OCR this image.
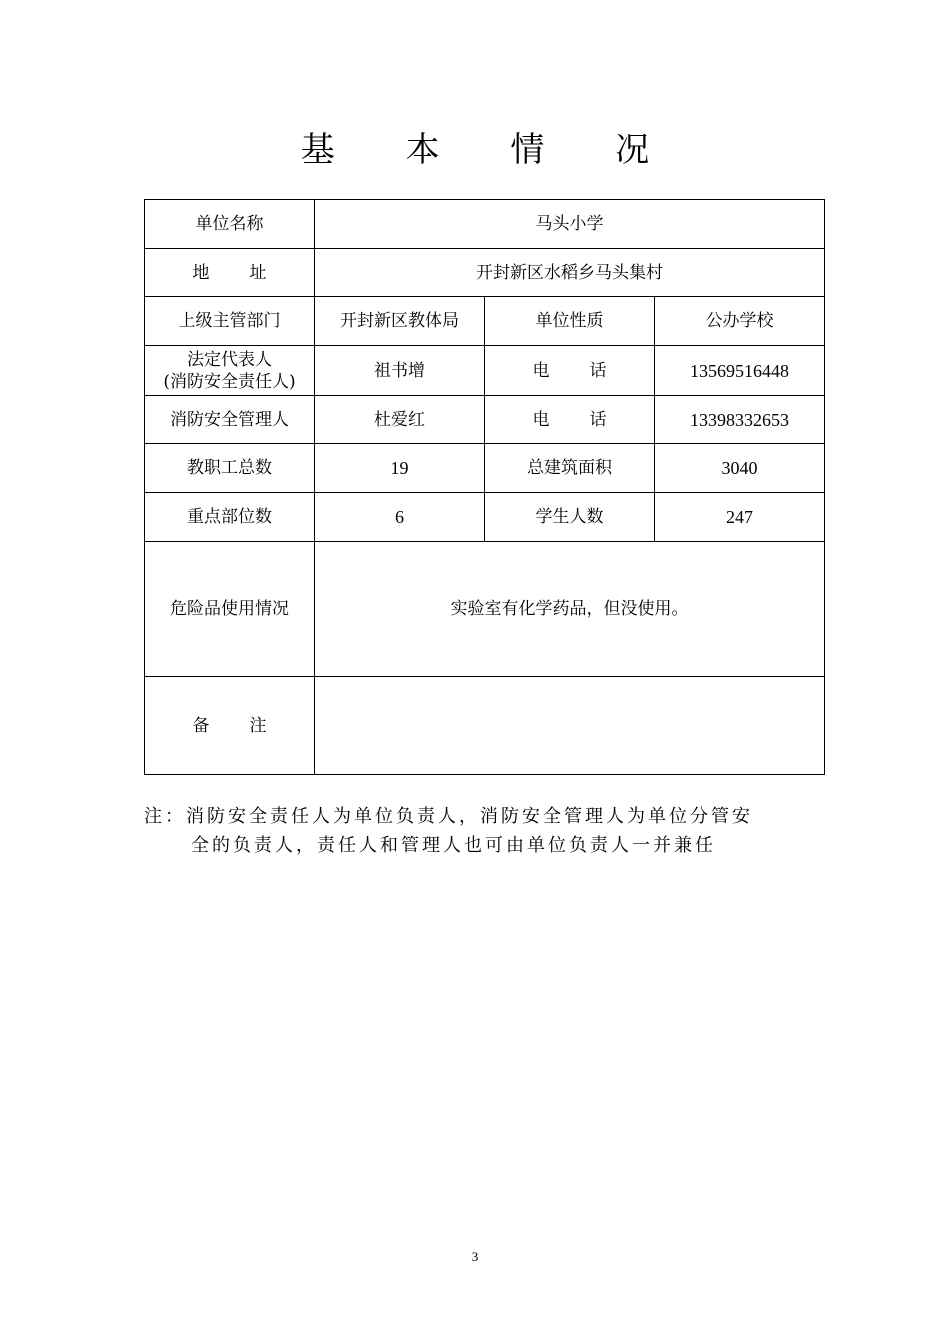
基 本 情 况
单位名称	马头小学		
地址	开封新区水稻乡马头集村		
上级主管部门	开封新区教体局	单位性质	公办学校

法定代表人
(消防安全责任人)	祖书增	电话	13569516448
消防安全管理人	杜爱红	电话	13398332653
教职工总数	19	总建筑面积	3040
重点部位数	6	学生人数	247
危险品使用情况	实验室有化学药品，但没使用。		
备注			
注：消防安全责任人为单位负责人，消防安全管理人为单位分管安
全的负责人，责任人和管理人也可由单位负责人一并兼任
3
